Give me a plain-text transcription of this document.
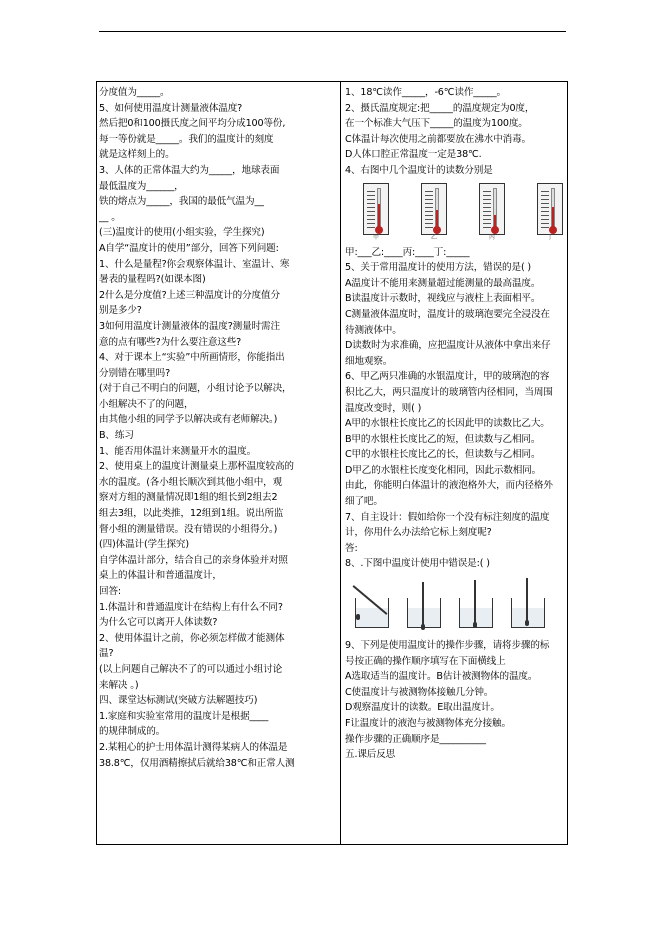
分度值为_____。
5、如何使用温度计测量液体温度?
然后把0和100摄氏度之间平均分成100等份,
每一等份就是_____。我们的温度计的刻度
就是这样刻上的。
3、人体的正常体温大约为_____，地球表面
最低温度为______，
铁的熔点为_____，我国的最低气温为__
__ 。
(三)温度计的使用(小组实验，学生探究)
A自学“温度计的使用”部分，回答下列问题:
1、什么是量程?你会观察体温计、室温计、寒
暑表的量程吗?(如课本图)
2什么是分度值?上述三种温度计的分度值分
别是多少?
3如何用温度计测量液体的温度?测量时需注
意的点有哪些?为什么要注意这些?
4、对于课本上“实验”中所画情形，你能指出
分别错在哪里吗?
(对于自己不明白的问题，小组讨论予以解决，
小组解决不了的问题，
由其他小组的同学予以解决或有老师解决。)
B、练习
1、能否用体温计来测量开水的温度。
2、使用桌上的温度计测量桌上那杯温度较高的
水的温度。(各小组长顺次到其他小组中，观
察对方组的测量情况即1组的组长到2组去2
组去3组，以此类推，12组到1组。说出所监
督小组的测量错误。没有错误的小组得分。)
(四)体温计(学生探究)
自学体温计部分，结合自己的亲身体验并对照
桌上的体温计和普通温度计，
回答:
1.体温计和普通温度计在结构上有什么不同?
为什么它可以离开人体读数?
2、使用体温计之前，你必须怎样做才能测体
温?
(以上问题自己解决不了的可以通过小组讨论
来解决 。)
四、课堂达标测试(突破方法解题技巧)
1.家庭和实验室常用的温度计是根据____
的规律制成的。
2.某粗心的护士用体温计测得某病人的体温是
38.8℃，仅用酒精擦拭后就给38℃和正常人测
1、18℃读作_____，-6℃读作_____。
2、摄氏温度规定:把_____的温度规定为0度，
在一个标准大气压下_____的温度为100度。
C体温计每次使用之前都要放在沸水中消毒。
D人体口腔正常温度一定是38℃.
4、右图中几个温度计的读数分别是
甲	乙	丙	丁
甲:___乙:____丙:____丁:_____
5、关于常用温度计的使用方法，错误的是( )
A温度计不能用来测量超过能测量的最高温度。
B读温度计示数时，视线应与液柱上表面相平。
C测量液体温度时，温度计的玻璃泡要完全浸没在
待测液体中。
D读数时为求准确，应把温度计从液体中拿出来仔
细地观察。
6、甲乙两只准确的水银温度计，甲的玻璃泡的容
积比乙大，两只温度计的玻璃管内径相同，当周围
温度改变时，则( )
A甲的水银柱长度比乙的长因此甲的读数比乙大。
B甲的水银柱长度比乙的短，但读数与乙相同。
C甲的水银柱长度比乙的长，但读数与乙相同。
D甲乙的水银柱长度变化相同，因此示数相同。
由此，你能明白体温计的液泡格外大，而内径格外
细了吧。
7、自主设计：假如给你一个没有标注刻度的温度
计，你用什么办法给它标上刻度呢?
答:
8、.下图中温度计使用中错误是:( )
9、下列是使用温度计的操作步骤，请将步骤的标
号按正确的操作顺序填写在下面横线上
A选取适当的温度计。B估计被测物体的温度。
C使温度计与被测物体接触几分钟。
D观察温度计的读数。E取出温度计。
F让温度计的液泡与被测物体充分接触。
操作步骤的正确顺序是__________
五.课后反思
